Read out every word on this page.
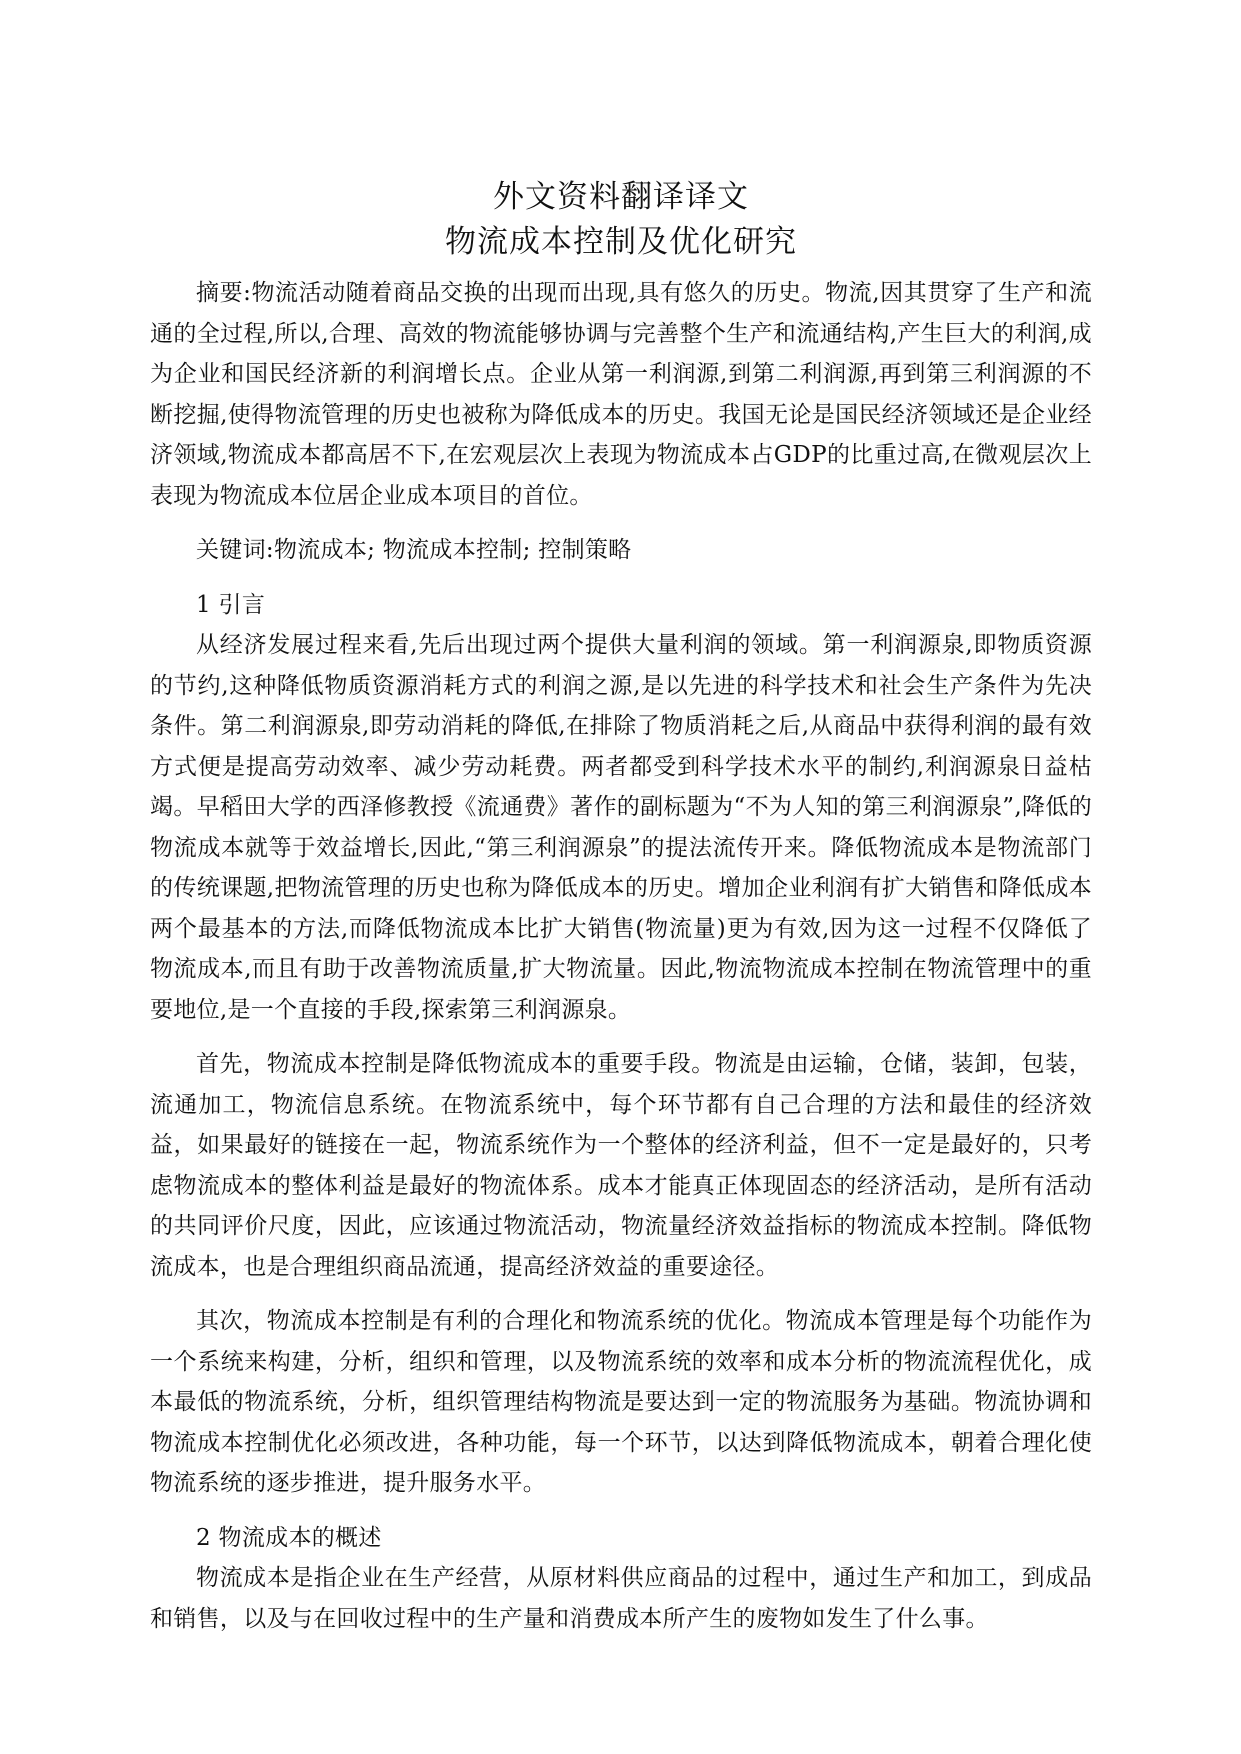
外文资料翻译译文
物流成本控制及优化研究

摘要:物流活动随着商品交换的出现而出现,具有悠久的历史。物流,因其贯穿了生产和流通的全过程,所以,合理、高效的物流能够协调与完善整个生产和流通结构,产生巨大的利润,成为企业和国民经济新的利润增长点。企业从第一利润源,到第二利润源,再到第三利润源的不断挖掘,使得物流管理的历史也被称为降低成本的历史。我国无论是国民经济领域还是企业经济领域,物流成本都高居不下,在宏观层次上表现为物流成本占GDP的比重过高,在微观层次上表现为物流成本位居企业成本项目的首位。

关键词:物流成本; 物流成本控制; 控制策略

1 引言

从经济发展过程来看,先后出现过两个提供大量利润的领域。第一利润源泉,即物质资源的节约,这种降低物质资源消耗方式的利润之源,是以先进的科学技术和社会生产条件为先决条件。第二利润源泉,即劳动消耗的降低,在排除了物质消耗之后,从商品中获得利润的最有效方式便是提高劳动效率、减少劳动耗费。两者都受到科学技术水平的制约,利润源泉日益枯竭。早稻田大学的西泽修教授《流通费》著作的副标题为“不为人知的第三利润源泉”,降低的物流成本就等于效益增长,因此,“第三利润源泉”的提法流传开来。降低物流成本是物流部门的传统课题,把物流管理的历史也称为降低成本的历史。增加企业利润有扩大销售和降低成本两个最基本的方法,而降低物流成本比扩大销售(物流量)更为有效,因为这一过程不仅降低了物流成本,而且有助于改善物流质量,扩大物流量。因此,物流物流成本控制在物流管理中的重要地位,是一个直接的手段,探索第三利润源泉。

首先，物流成本控制是降低物流成本的重要手段。物流是由运输，仓储，装卸，包装，流通加工，物流信息系统。在物流系统中，每个环节都有自己合理的方法和最佳的经济效益，如果最好的链接在一起，物流系统作为一个整体的经济利益，但不一定是最好的，只考虑物流成本的整体利益是最好的物流体系。成本才能真正体现固态的经济活动，是所有活动的共同评价尺度，因此，应该通过物流活动，物流量经济效益指标的物流成本控制。降低物流成本，也是合理组织商品流通，提高经济效益的重要途径。

其次，物流成本控制是有利的合理化和物流系统的优化。物流成本管理是每个功能作为一个系统来构建，分析，组织和管理，以及物流系统的效率和成本分析的物流流程优化，成本最低的物流系统，分析，组织管理结构物流是要达到一定的物流服务为基础。物流协调和物流成本控制优化必须改进，各种功能，每一个环节，以达到降低物流成本，朝着合理化使物流系统的逐步推进，提升服务水平。

2 物流成本的概述

物流成本是指企业在生产经营，从原材料供应商品的过程中，通过生产和加工，到成品和销售，以及与在回收过程中的生产量和消费成本所产生的废物如发生了什么事。
